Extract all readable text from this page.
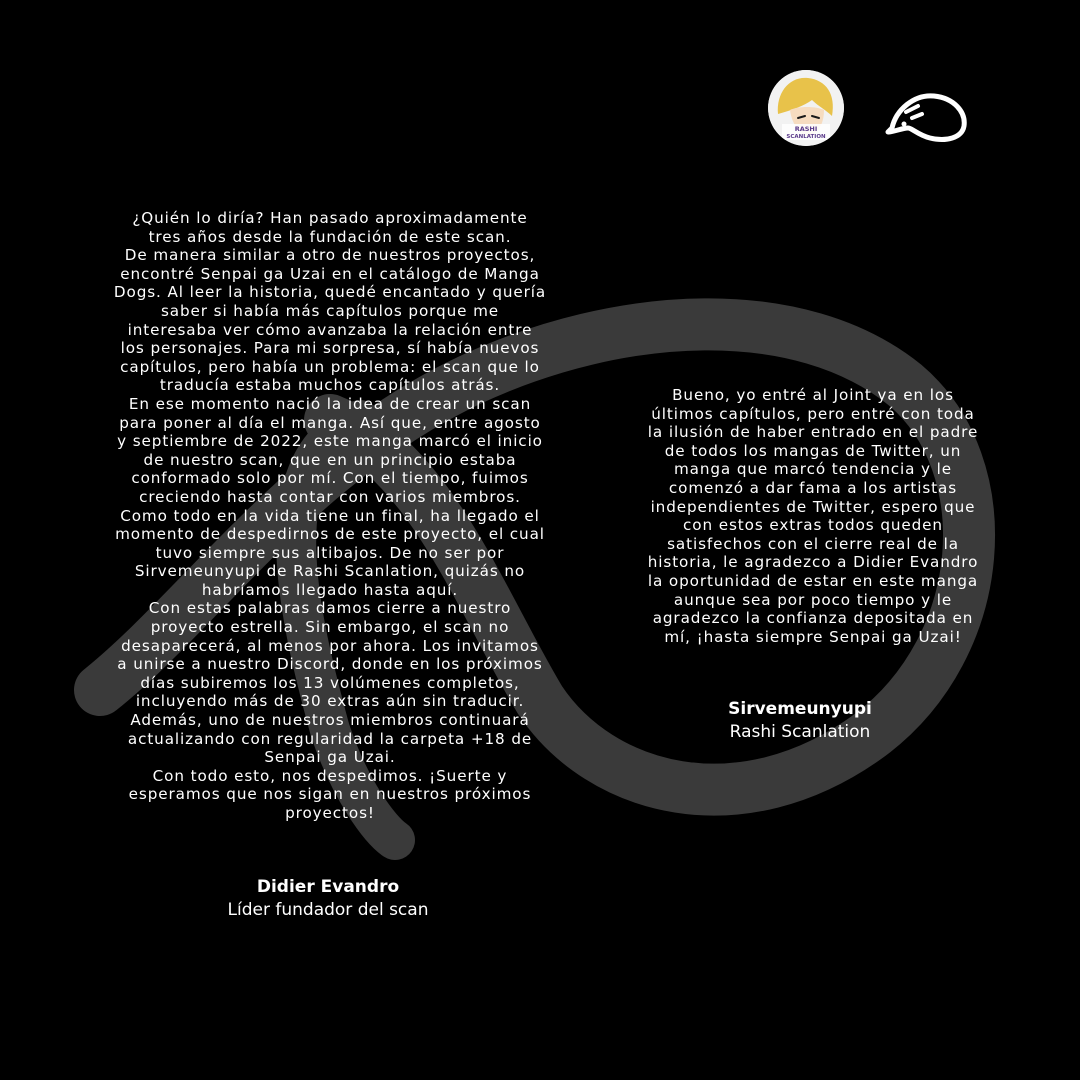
RASHI
SCANLATION

¿Quién lo diría? Han pasado aproximadamente
tres años desde la fundación de este scan.
De manera similar a otro de nuestros proyectos,
encontré Senpai ga Uzai en el catálogo de Manga
Dogs. Al leer la historia, quedé encantado y quería
saber si había más capítulos porque me
interesaba ver cómo avanzaba la relación entre
los personajes. Para mi sorpresa, sí había nuevos
capítulos, pero había un problema: el scan que lo
traducía estaba muchos capítulos atrás.
En ese momento nació la idea de crear un scan
para poner al día el manga. Así que, entre agosto
y septiembre de 2022, este manga marcó el inicio
de nuestro scan, que en un principio estaba
conformado solo por mí. Con el tiempo, fuimos
creciendo hasta contar con varios miembros.
Como todo en la vida tiene un final, ha llegado el
momento de despedirnos de este proyecto, el cual
tuvo siempre sus altibajos. De no ser por
Sirvemeunyupi de Rashi Scanlation, quizás no
habríamos llegado hasta aquí.
Con estas palabras damos cierre a nuestro
proyecto estrella. Sin embargo, el scan no
desaparecerá, al menos por ahora. Los invitamos
a unirse a nuestro Discord, donde en los próximos
días subiremos los 13 volúmenes completos,
incluyendo más de 30 extras aún sin traducir.
Además, uno de nuestros miembros continuará
actualizando con regularidad la carpeta +18 de
Senpai ga Uzai.
Con todo esto, nos despedimos. ¡Suerte y
esperamos que nos sigan en nuestros próximos
proyectos!

Didier Evandro
Líder fundador del scan

Bueno, yo entré al Joint ya en los
últimos capítulos, pero entré con toda
la ilusión de haber entrado en el padre
de todos los mangas de Twitter, un
manga que marcó tendencia y le
comenzó a dar fama a los artistas
independientes de Twitter, espero que
con estos extras todos queden
satisfechos con el cierre real de la
historia, le agradezco a Didier Evandro
la oportunidad de estar en este manga
aunque sea por poco tiempo y le
agradezco la confianza depositada en
mí, ¡hasta siempre Senpai ga Uzai!

Sirvemeunyupi
Rashi Scanlation
